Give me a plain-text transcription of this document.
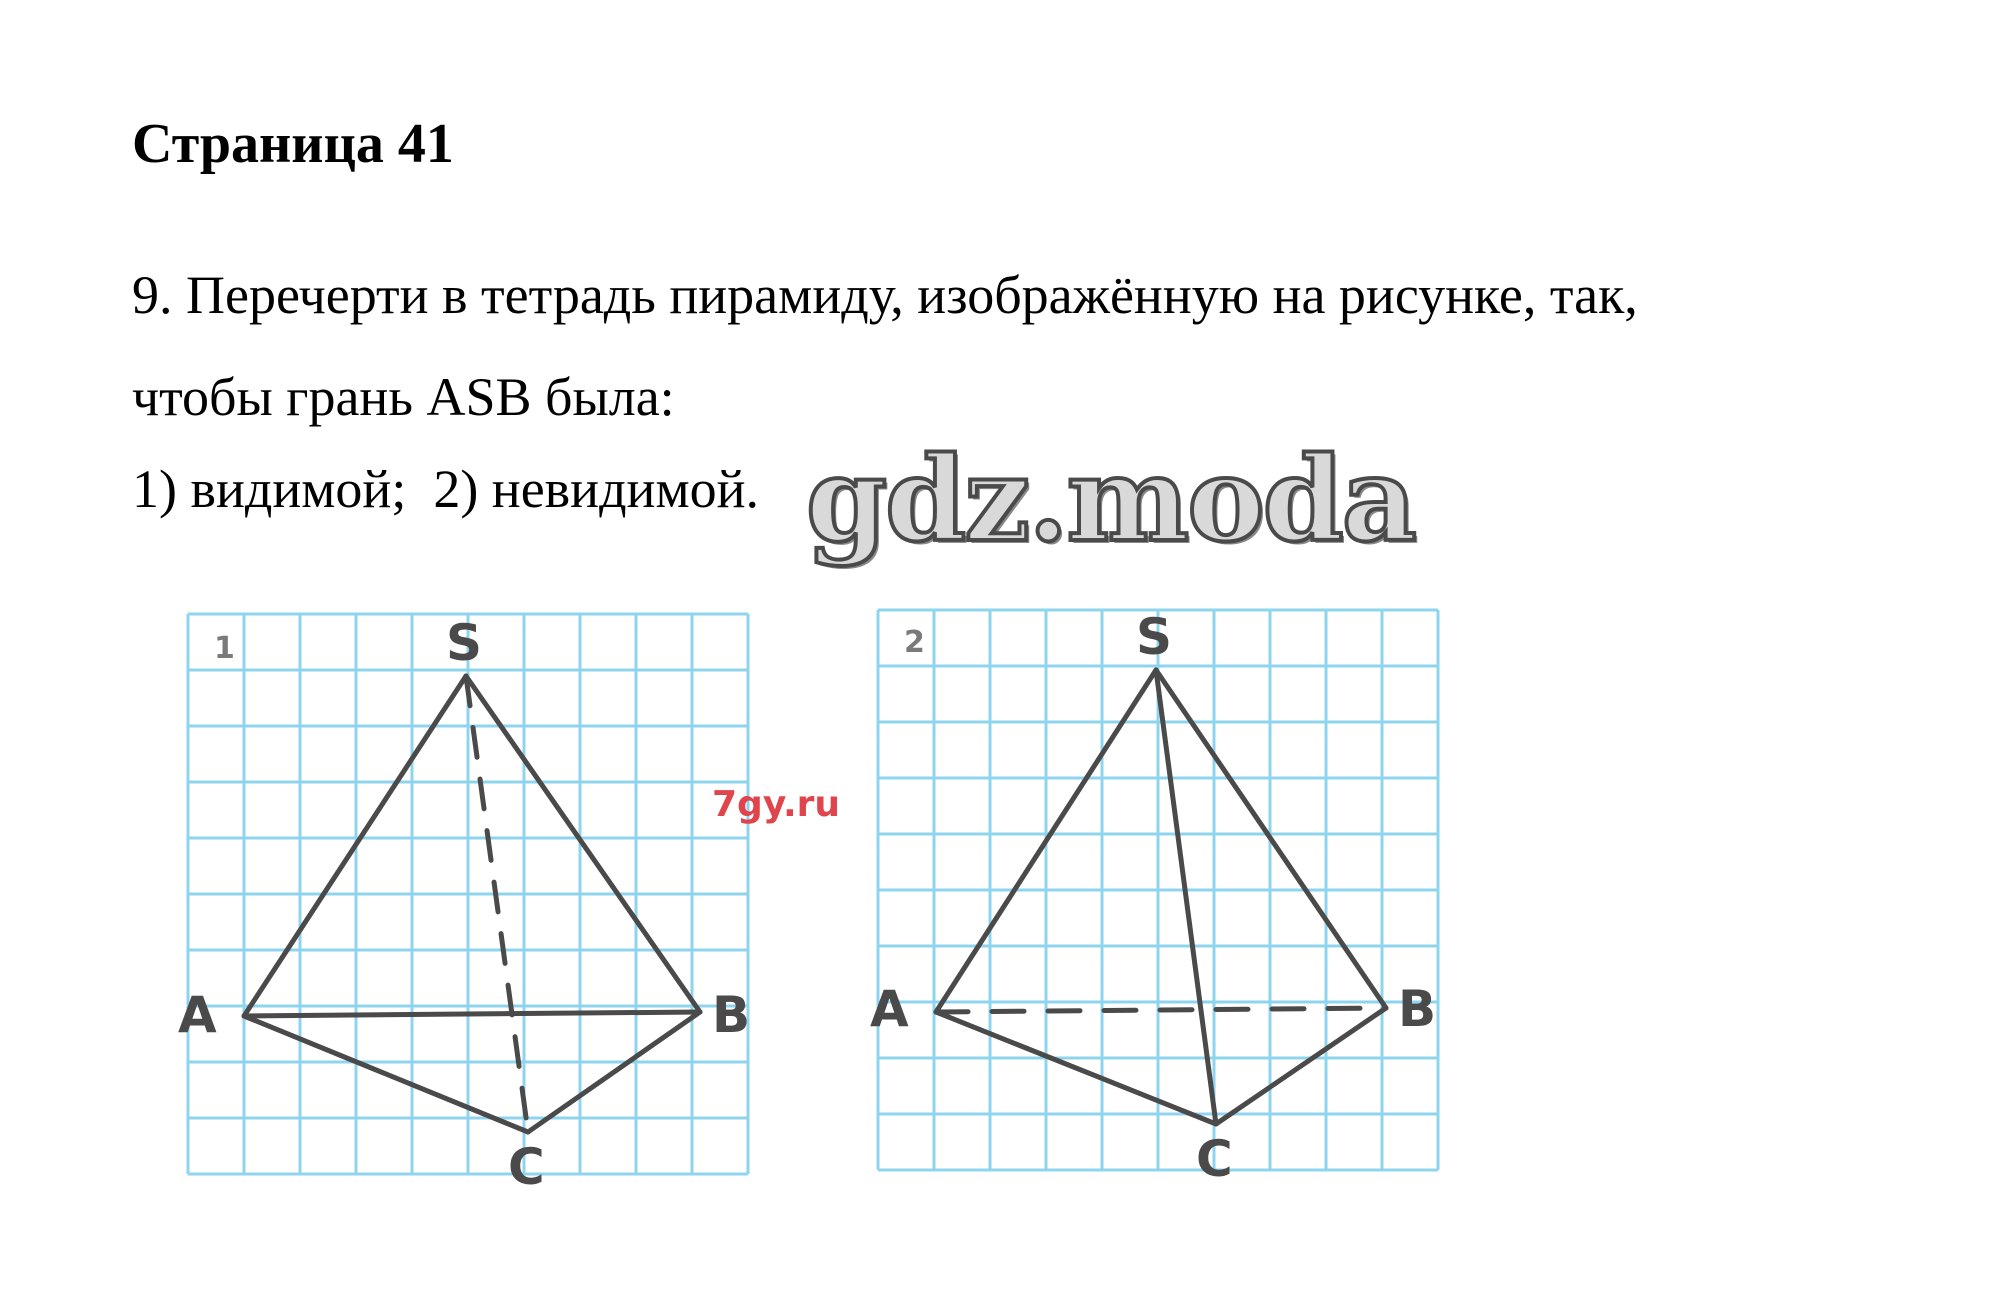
Страница 41
9. Перечерти в тетрадь пирамиду, изображённую на рисунке, так,
чтобы грань ASB была:
1) видимой;  2) невидимой.
1	S
A	B
C
2	S
A	B
C
7gy.ru
gdz.moda
